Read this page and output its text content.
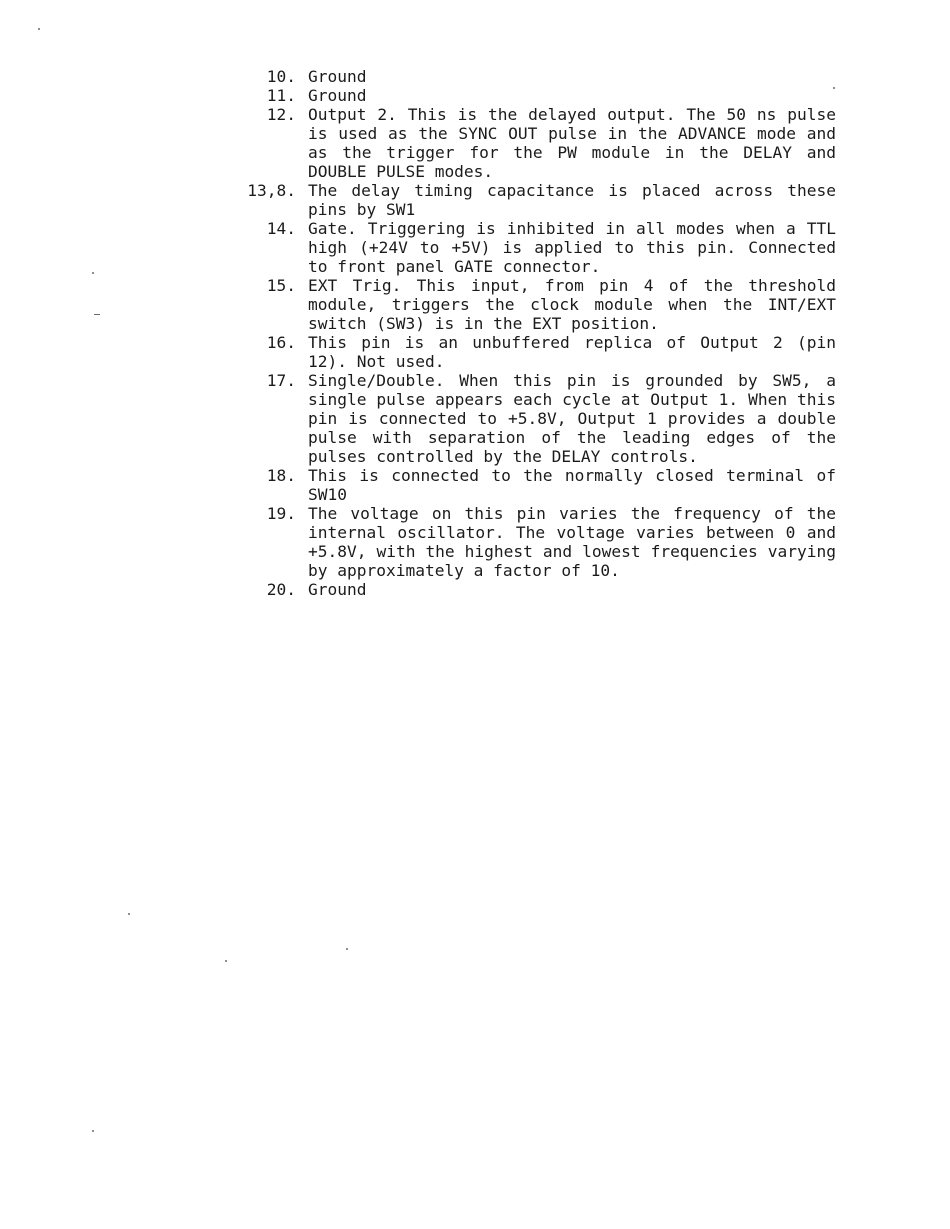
10. Ground
11. Ground
12. Output 2. This is the delayed output. The 50 ns pulse is used as the SYNC OUT pulse in the ADVANCE mode and as the trigger for the PW module in the DELAY and DOUBLE PULSE modes.
13,8. The delay timing capacitance is placed across these pins by SW1
14. Gate. Triggering is inhibited in all modes when a TTL high (+24V to +5V) is applied to this pin. Connected to front panel GATE connector.
15. EXT Trig. This input, from pin 4 of the threshold module, triggers the clock module when the INT/EXT switch (SW3) is in the EXT position.
16. This pin is an unbuffered replica of Output 2 (pin 12). Not used.
17. Single/Double. When this pin is grounded by SW5, a single pulse appears each cycle at Output 1. When this pin is connected to +5.8V, Output 1 provides a double pulse with separation of the leading edges of the pulses controlled by the DELAY controls.
18. This is connected to the normally closed terminal of SW10
19. The voltage on this pin varies the frequency of the internal oscillator. The voltage varies between 0 and +5.8V, with the highest and lowest frequencies varying by approximately a factor of 10.
20. Ground
